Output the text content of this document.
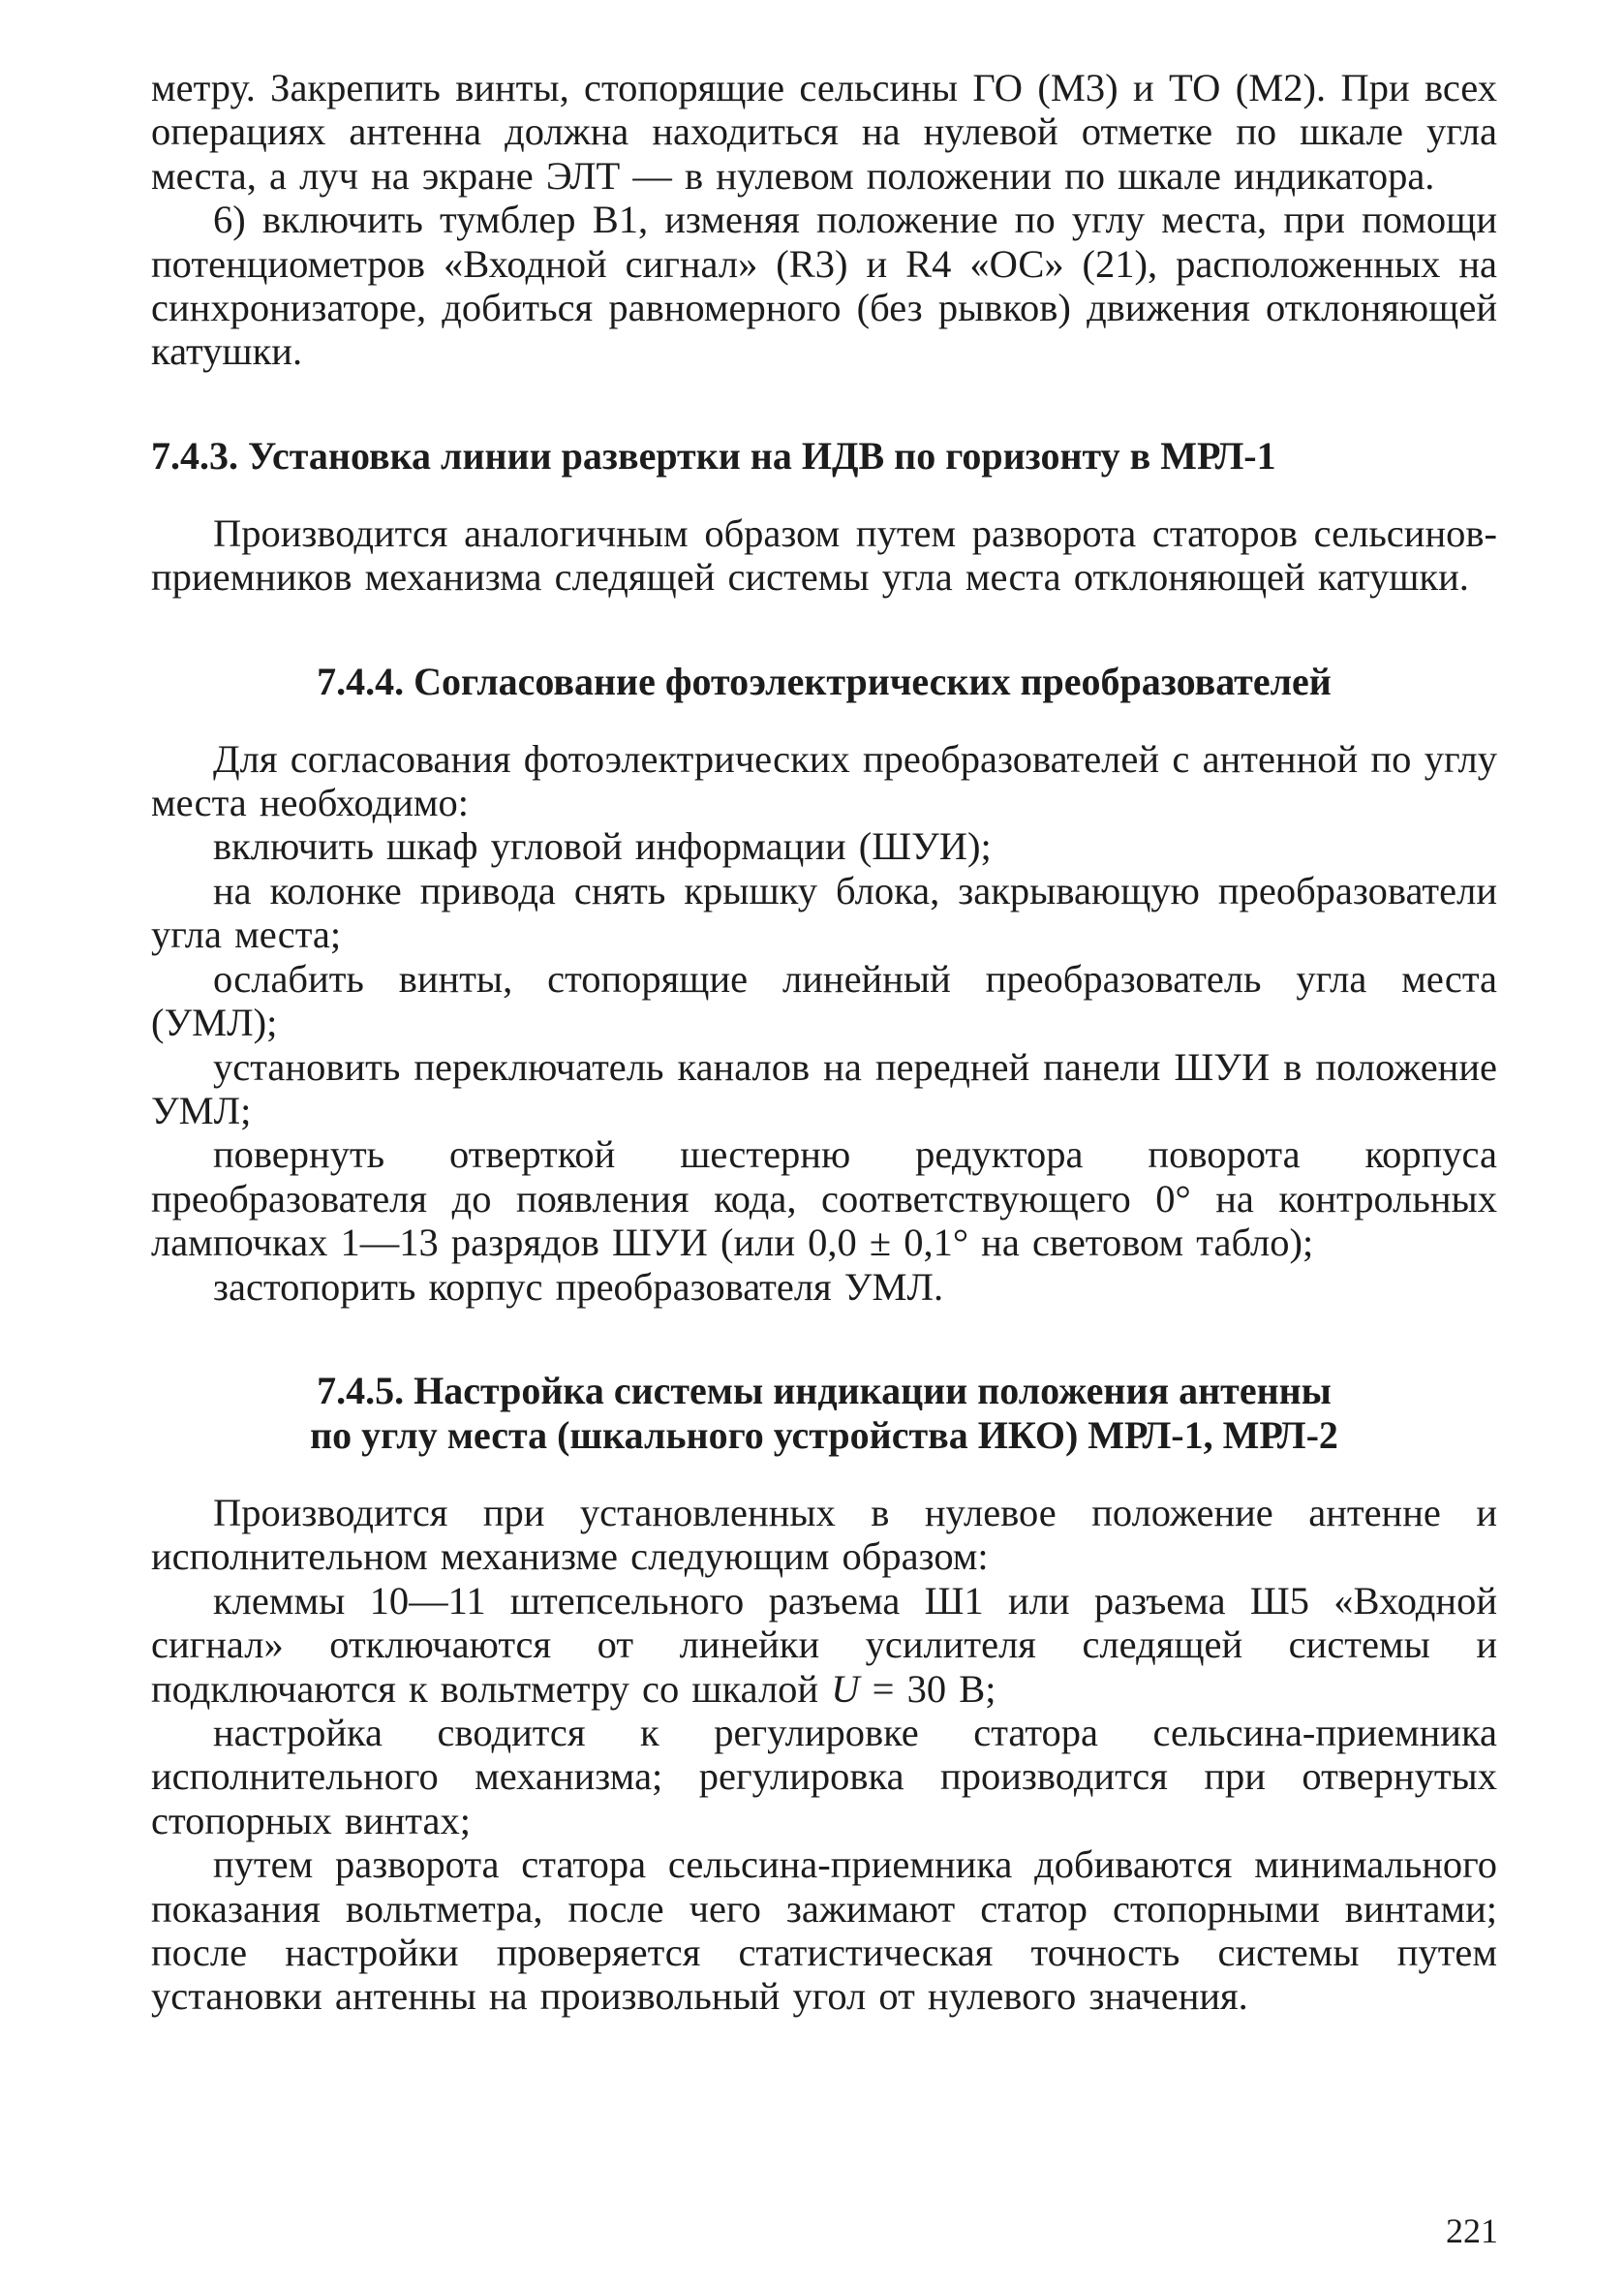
метру. Закрепить винты, стопорящие сельсины ГО (М3) и ТО (М2). При всех операциях антенна должна находиться на нулевой отметке по шкале угла места, а луч на экране ЭЛТ — в нулевом положении по шкале индикатора.

6) включить тумблер В1, изменяя положение по углу места, при помощи потенциометров «Входной сигнал» (R3) и R4 «ОС» (21), расположенных на синхронизаторе, добиться равномерного (без рывков) движения отклоняющей катушки.

7.4.3. Установка линии развертки на ИДВ по горизонту в МРЛ-1

Производится аналогичным образом путем разворота статоров сельсинов-приемников механизма следящей системы угла места отклоняющей катушки.

7.4.4. Согласование фотоэлектрических преобразователей

Для согласования фотоэлектрических преобразователей с антенной по углу места необходимо:

включить шкаф угловой информации (ШУИ);

на колонке привода снять крышку блока, закрывающую преобразователи угла места;

ослабить винты, стопорящие линейный преобразователь угла места (УМЛ);

установить переключатель каналов на передней панели ШУИ в положение УМЛ;

повернуть отверткой шестерню редуктора поворота корпуса преобразователя до появления кода, соответствующего 0° на контрольных лампочках 1—13 разрядов ШУИ (или 0,0 ± 0,1° на световом табло);

застопорить корпус преобразователя УМЛ.

7.4.5. Настройка системы индикации положения антенны
по углу места (шкального устройства ИКО) МРЛ-1, МРЛ-2

Производится при установленных в нулевое положение антенне и исполнительном механизме следующим образом:

клеммы 10—11 штепсельного разъема Ш1 или разъема Ш5 «Входной сигнал» отключаются от линейки усилителя следящей системы и подключаются к вольтметру со шкалой U = 30 В;

настройка сводится к регулировке статора сельсина-приемника исполнительного механизма; регулировка производится при отвернутых стопорных винтах;

путем разворота статора сельсина-приемника добиваются минимального показания вольтметра, после чего зажимают статор стопорными винтами; после настройки проверяется статистическая точность системы путем установки антенны на произвольный угол от нулевого значения.

221
